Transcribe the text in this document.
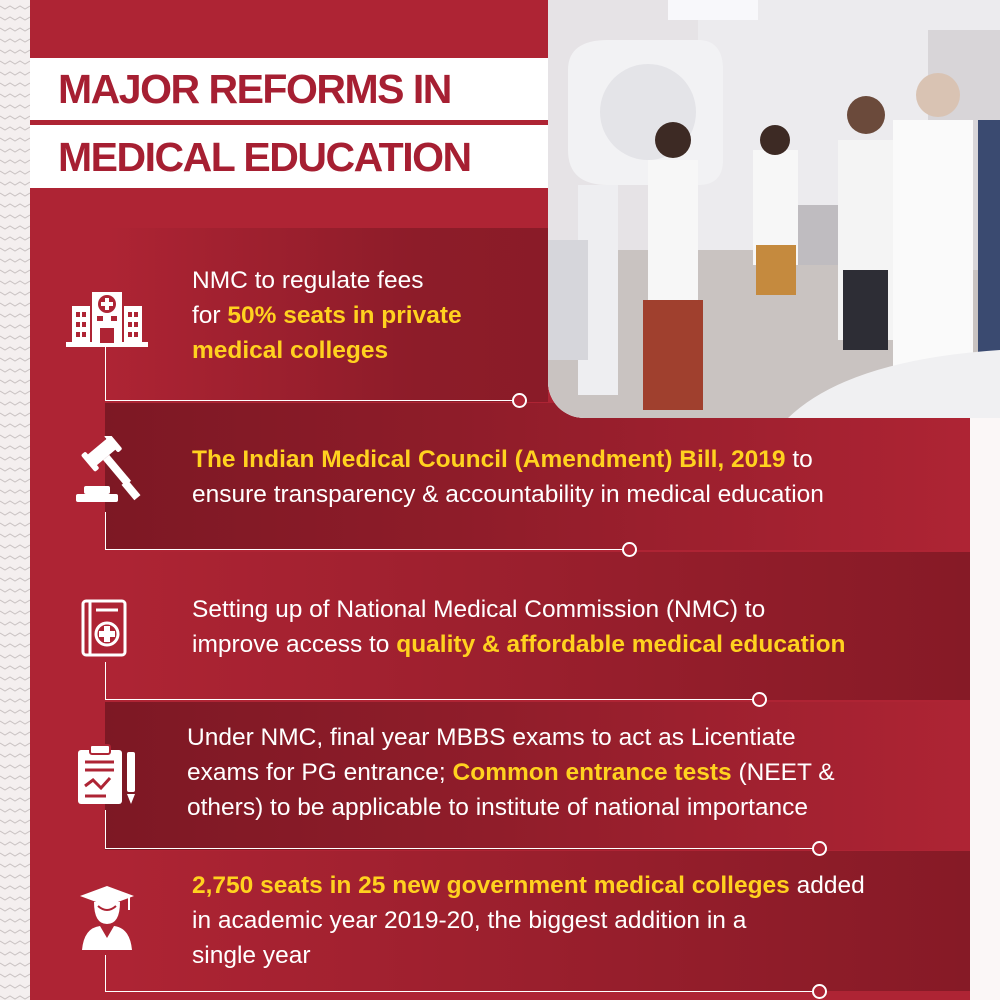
MAJOR REFORMS IN
MEDICAL EDUCATION
NMC to regulate fees
for 50% seats in private
medical colleges
The Indian Medical Council (Amendment) Bill, 2019 to
ensure transparency & accountability in medical education
Setting up of National Medical Commission (NMC) to
improve access to quality & affordable medical education
Under NMC, final year MBBS exams to act as Licentiate
exams for PG entrance; Common entrance tests (NEET &
others) to be applicable to institute of national importance
2,750 seats in 25 new government medical colleges added
in academic year 2019-20, the biggest addition in a
single year
